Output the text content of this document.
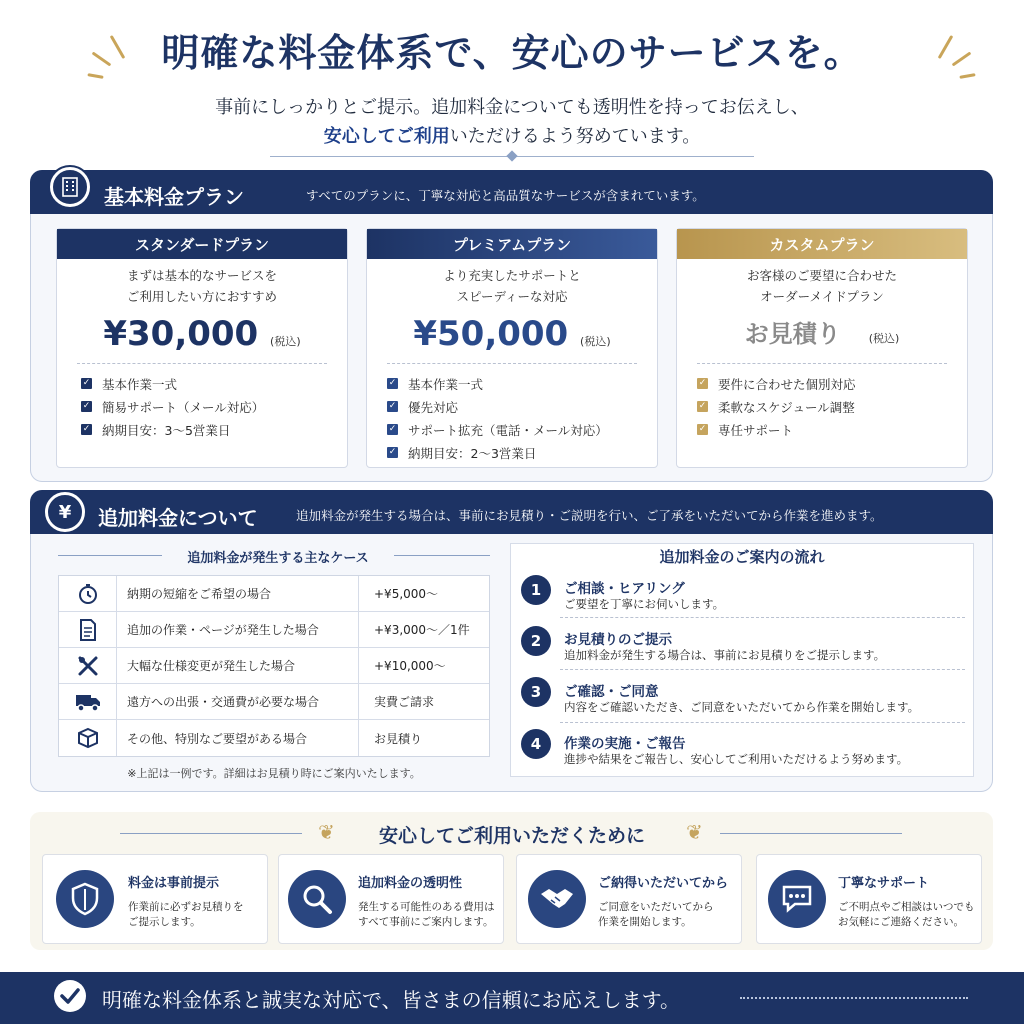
明確な料金体系で、安心のサービスを。
事前にしっかりとご提示。追加料金についても透明性を持ってお伝えし、
安心してご利用いただけるよう努めています。
基本料金プラン	すべてのプランに、丁寧な対応と高品質なサービスが含まれています。
スタンダードプラン
まずは基本的なサービスを
ご利用したい方におすすめ
¥30,000 (税込)
✓ 基本作業一式
✓ 簡易サポート（メール対応）
✓ 納期目安：3〜5営業日
プレミアムプラン
より充実したサポートと
スピーディーな対応
¥50,000 (税込)
✓ 基本作業一式
✓ 優先対応
✓ サポート拡充（電話・メール対応）
✓ 納期目安：2〜3営業日
カスタムプラン
お客様のご要望に合わせた
オーダーメイドプラン
お見積り	(税込)
✓ 要件に合わせた個別対応
✓ 柔軟なスケジュール調整
✓ 専任サポート
¥	追加料金について	追加料金が発生する場合は、事前にお見積り・ご説明を行い、ご了承をいただいてから作業を進めます。
追加料金が発生する主なケース
納期の短縮をご希望の場合	+¥5,000〜
追加の作業・ページが発生した場合	+¥3,000〜／1件
大幅な仕様変更が発生した場合	+¥10,000〜
遠方への出張・交通費が必要な場合	実費ご請求
その他、特別なご要望がある場合	お見積り
※上記は一例です。詳細はお見積り時にご案内いたします。
追加料金のご案内の流れ
1	ご相談・ヒアリング
ご要望を丁寧にお伺いします。
2	お見積りのご提示
追加料金が発生する場合は、事前にお見積りをご提示します。
3	ご確認・ご同意
内容をご確認いただき、ご同意をいただいてから作業を開始します。
4	作業の実施・ご報告
進捗や結果をご報告し、安心してご利用いただけるよう努めます。
❦	安心してご利用いただくために	❦
料金は事前提示
作業前に必ずお見積りを
ご提示します。
追加料金の透明性
発生する可能性のある費用は
すべて事前にご案内します。
ご納得いただいてから
ご同意をいただいてから
作業を開始します。
丁寧なサポート
ご不明点やご相談はいつでも
お気軽にご連絡ください。
明確な料金体系と誠実な対応で、皆さまの信頼にお応えします。
